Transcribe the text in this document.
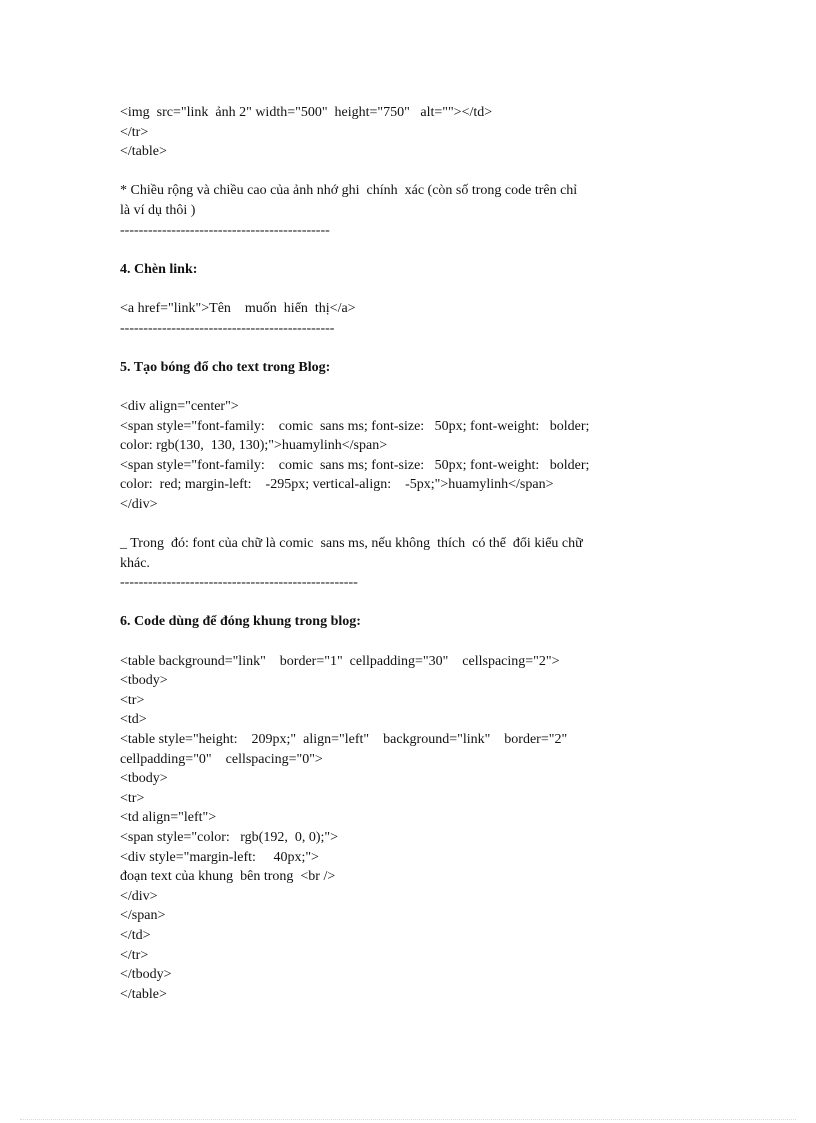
<img  src="link  ảnh 2" width="500"  height="750"   alt=""></td>

</tr>

</table>

* Chiều rộng và chiều cao của ảnh nhớ ghi  chính  xác (còn số trong code trên chỉ

là ví dụ thôi )

---------------------------------------------

4. Chèn link:

<a href="link">Tên    muốn  hiển  thị</a>

----------------------------------------------

5. Tạo bóng đổ cho text trong Blog:

<div align="center">

<span style="font-family:    comic  sans ms; font-size:   50px; font-weight:   bolder;

color: rgb(130,  130, 130);">huamylinh</span>

<span style="font-family:    comic  sans ms; font-size:   50px; font-weight:   bolder;

color:  red; margin-left:    -295px; vertical-align:    -5px;">huamylinh</span>

</div>

_ Trong  đó: font của chữ là comic  sans ms, nếu không  thích  có thể  đổi kiểu chữ

khác.

---------------------------------------------------

6. Code dùng để đóng khung trong blog:

<table background="link"    border="1"  cellpadding="30"    cellspacing="2">

<tbody>

<tr>

<td>

<table style="height:    209px;"  align="left"    background="link"    border="2"

cellpadding="0"    cellspacing="0">

<tbody>

<tr>

<td align="left">

<span style="color:   rgb(192,  0, 0);">

<div style="margin-left:     40px;">

đoạn text của khung  bên trong  <br />

</div>

</span>

</td>

</tr>

</tbody>

</table>
